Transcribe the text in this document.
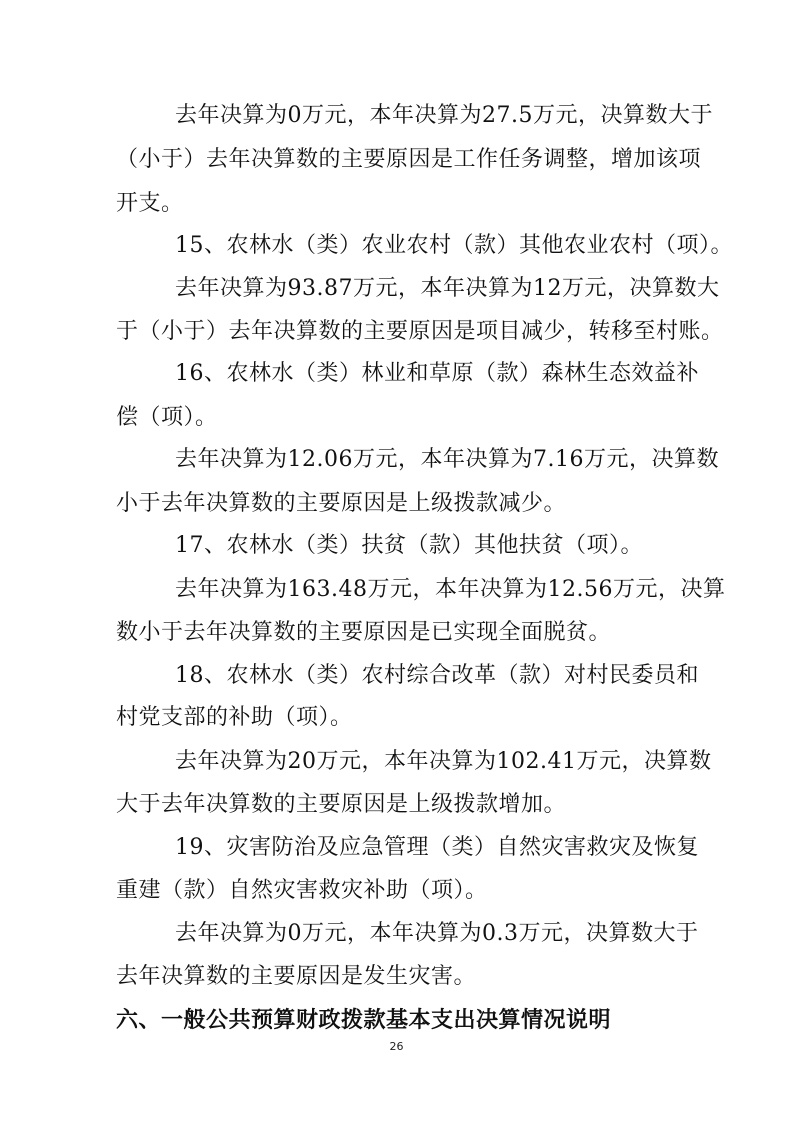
去年决算为0万元，本年决算为27.5万元，决算数大于
（小于）去年决算数的主要原因是工作任务调整，增加该项
开支。
15、农林水（类）农业农村（款）其他农业农村（项）。
去年决算为93.87万元，本年决算为12万元，决算数大
于（小于）去年决算数的主要原因是项目减少，转移至村账。
16、农林水（类）林业和草原（款）森林生态效益补
偿（项）。
去年决算为12.06万元，本年决算为7.16万元，决算数
小于去年决算数的主要原因是上级拨款减少。
17、农林水（类）扶贫（款）其他扶贫（项）。
去年决算为163.48万元，本年决算为12.56万元，决算
数小于去年决算数的主要原因是已实现全面脱贫。
18、农林水（类）农村综合改革（款）对村民委员和
村党支部的补助（项）。
去年决算为20万元，本年决算为102.41万元，决算数
大于去年决算数的主要原因是上级拨款增加。
19、灾害防治及应急管理（类）自然灾害救灾及恢复
重建（款）自然灾害救灾补助（项）。
去年决算为0万元，本年决算为0.3万元，决算数大于
去年决算数的主要原因是发生灾害。
六、一般公共预算财政拨款基本支出决算情况说明
26
